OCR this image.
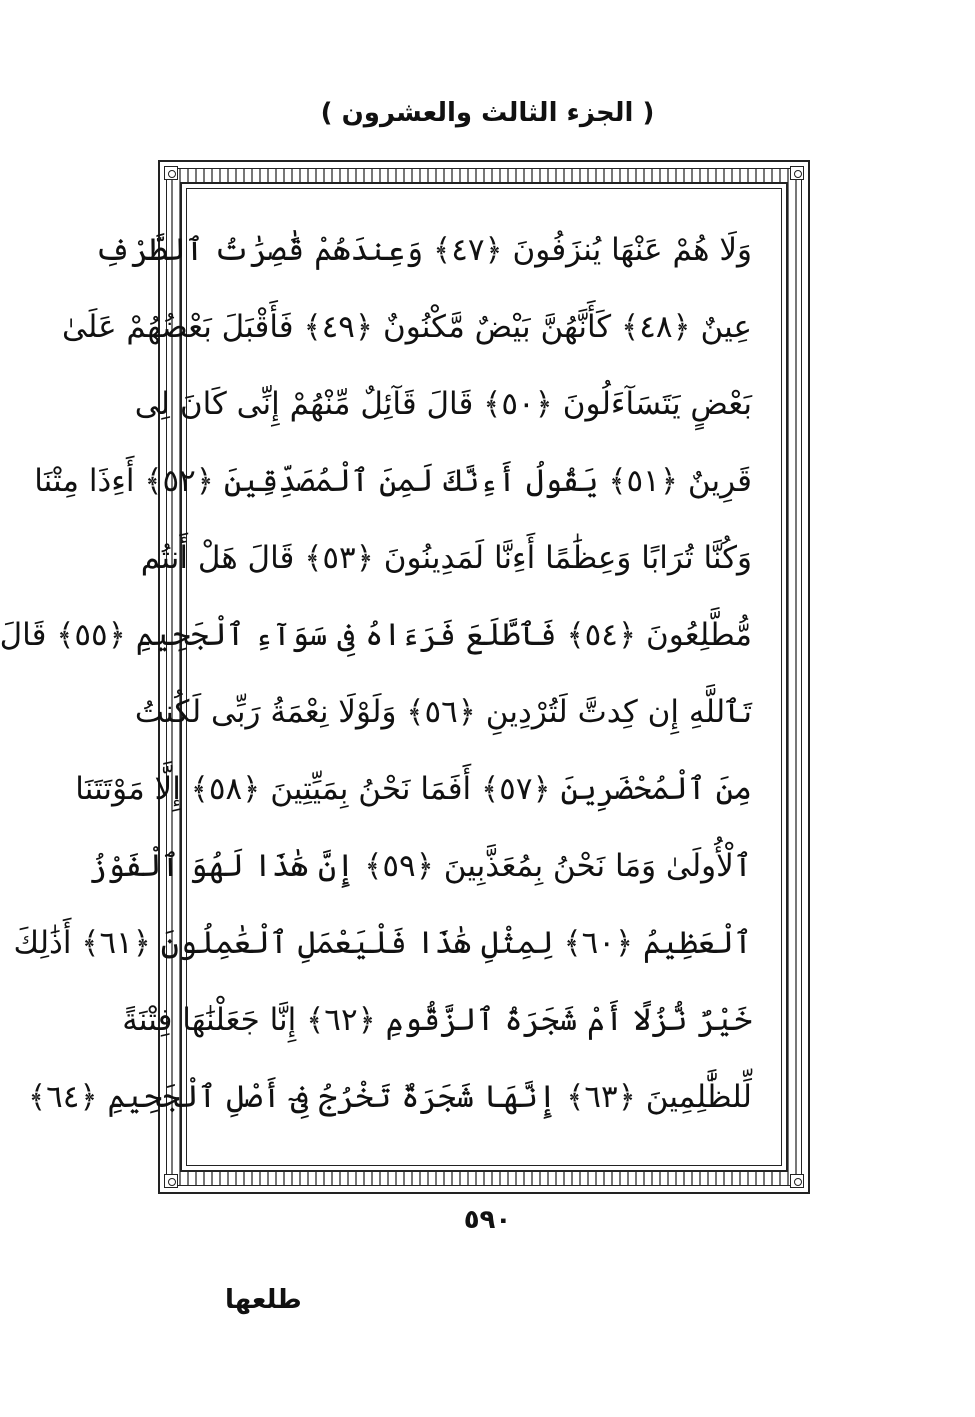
( الجزء الثالث والعشرون )
وَلَا هُمْ عَنْهَا يُنزَفُونَ ﴿٤٧﴾ وَعِندَهُمْ قَٰصِرَٰتُ ٱلطَّرْفِ
عِينٌ ﴿٤٨﴾ كَأَنَّهُنَّ بَيْضٌ مَّكْنُونٌ ﴿٤٩﴾ فَأَقْبَلَ بَعْضُهُمْ عَلَىٰ
بَعْضٍ يَتَسَآءَلُونَ ﴿٥٠﴾ قَالَ قَآئِلٌ مِّنْهُمْ إِنِّى كَانَ لِى
قَرِينٌ ﴿٥١﴾ يَقُولُ أَءِنَّكَ لَمِنَ ٱلْمُصَدِّقِينَ ﴿٥٢﴾ أَءِذَا مِتْنَا
وَكُنَّا تُرَابًا وَعِظَٰمًا أَءِنَّا لَمَدِينُونَ ﴿٥٣﴾ قَالَ هَلْ أَنتُم
مُّطَّلِعُونَ ﴿٥٤﴾ فَٱطَّلَعَ فَرَءَاهُ فِى سَوَآءِ ٱلْجَحِيمِ ﴿٥٥﴾ قَالَ
تَٱللَّهِ إِن كِدتَّ لَتُرْدِينِ ﴿٥٦﴾ وَلَوْلَا نِعْمَةُ رَبِّى لَكُنتُ
مِنَ ٱلْمُحْضَرِينَ ﴿٥٧﴾ أَفَمَا نَحْنُ بِمَيِّتِينَ ﴿٥٨﴾ إِلَّا مَوْتَتَنَا
ٱلْأُولَىٰ وَمَا نَحْنُ بِمُعَذَّبِينَ ﴿٥٩﴾ إِنَّ هَٰذَا لَهُوَ ٱلْفَوْزُ
ٱلْعَظِيمُ ﴿٦٠﴾ لِمِثْلِ هَٰذَا فَلْيَعْمَلِ ٱلْعَٰمِلُونَ ﴿٦١﴾ أَذَٰلِكَ
خَيْرٌ نُّزُلًا أَمْ شَجَرَةُ ٱلزَّقُّومِ ﴿٦٢﴾ إِنَّا جَعَلْنَٰهَا فِتْنَةً
لِّلظَّٰلِمِينَ ﴿٦٣﴾ إِنَّهَا شَجَرَةٌ تَخْرُجُ فِىٓ أَصْلِ ٱلْجَحِيمِ ﴿٦٤﴾
٥٩٠
طلعها
